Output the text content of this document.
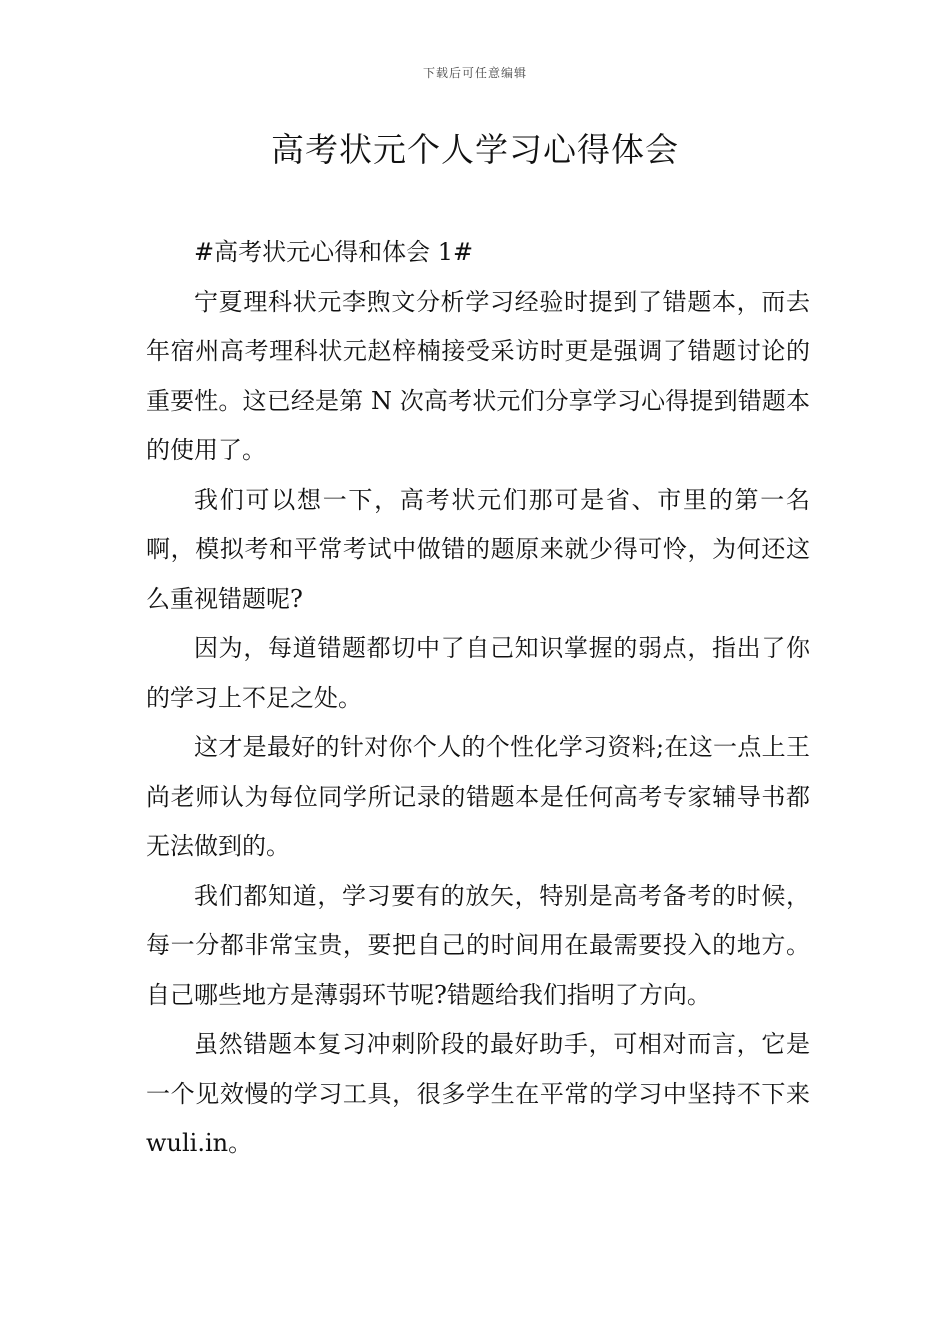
下载后可任意编辑
高考状元个人学习心得体会

#高考状元心得和体会 1#

宁夏理科状元李煦文分析学习经验时提到了错题本，而去年宿州高考理科状元赵梓楠接受采访时更是强调了错题讨论的重要性。这已经是第 N 次高考状元们分享学习心得提到错题本的使用了。

我们可以想一下，高考状元们那可是省、市里的第一名啊，模拟考和平常考试中做错的题原来就少得可怜，为何还这么重视错题呢?

因为，每道错题都切中了自己知识掌握的弱点，指出了你的学习上不足之处。

这才是最好的针对你个人的个性化学习资料;在这一点上王尚老师认为每位同学所记录的错题本是任何高考专家辅导书都无法做到的。

我们都知道，学习要有的放矢，特别是高考备考的时候，每一分都非常宝贵，要把自己的时间用在最需要投入的地方。自己哪些地方是薄弱环节呢?错题给我们指明了方向。

虽然错题本复习冲刺阶段的最好助手，可相对而言，它是一个见效慢的学习工具，很多学生在平常的学习中坚持不下来wuli.in。
